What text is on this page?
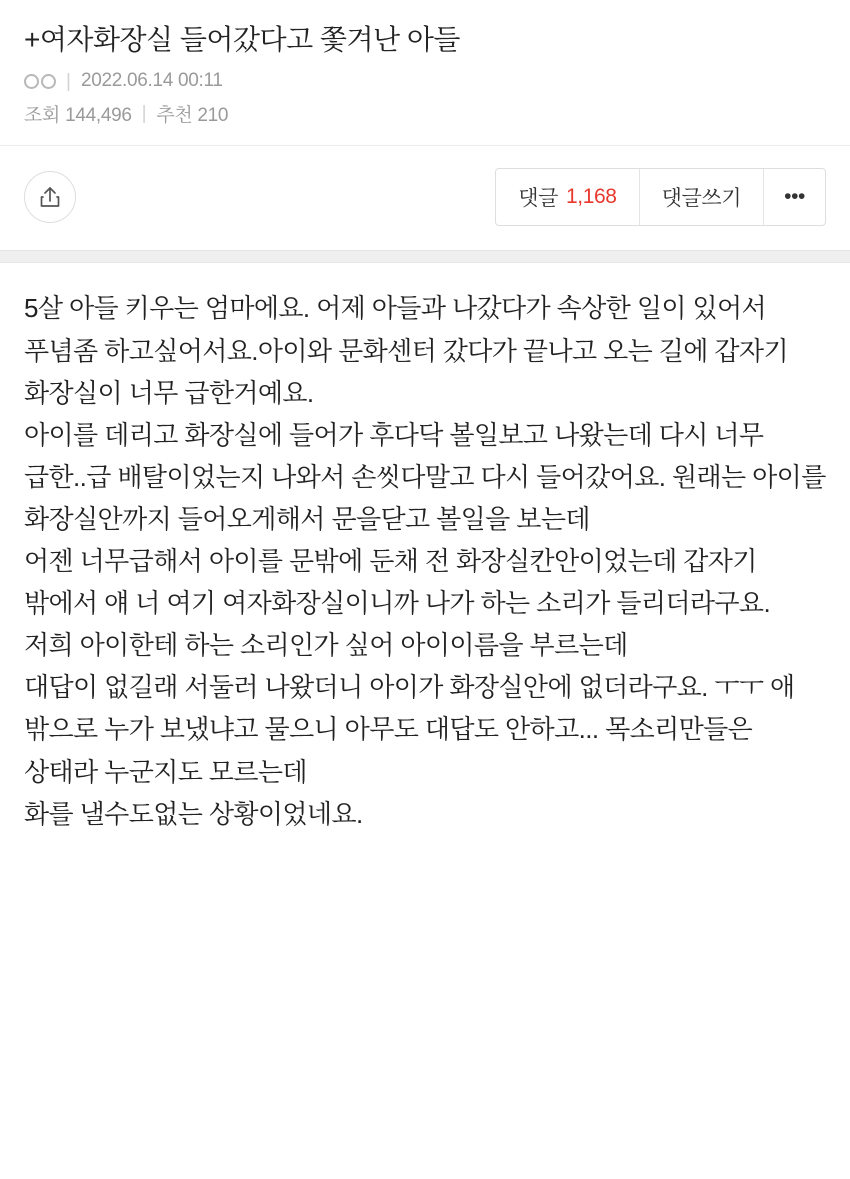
+여자화장실 들어갔다고 쫓겨난 아들
| 2022.06.14 00:11
조회 144,496 | 추천 210
댓글 1,168 댓글쓰기 •••

5살 아들 키우는 엄마에요. 어제 아들과 나갔다가 속상한 일이 있어서 푸념좀 하고싶어서요.아이와 문화센터 갔다가 끝나고 오는 길에 갑자기 화장실이 너무 급한거예요.

아이를 데리고 화장실에 들어가 후다닥 볼일보고 나왔는데 다시 너무 급한..급 배탈이었는지 나와서 손씻다말고 다시 들어갔어요. 원래는 아이를 화장실안까지 들어오게해서 문을닫고 볼일을 보는데

어젠 너무급해서 아이를 문밖에 둔채 전 화장실칸안이었는데 갑자기 밖에서 얘 너 여기 여자화장실이니까 나가 하는 소리가 들리더라구요.

저희 아이한테 하는 소리인가 싶어 아이이름을 부르는데

대답이 없길래 서둘러 나왔더니 아이가 화장실안에 없더라구요. ㅜㅜ 애 밖으로 누가 보냈냐고 물으니 아무도 대답도 안하고... 목소리만들은 상태라 누군지도 모르는데

화를 낼수도없는 상황이었네요.
